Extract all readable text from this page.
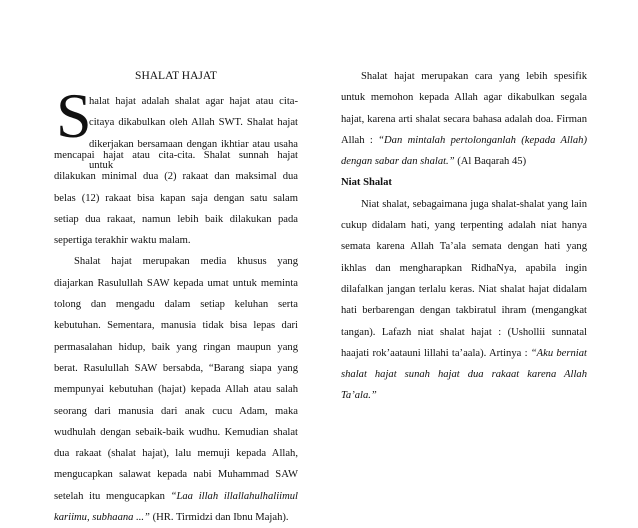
SHALAT HAJAT
S
halat hajat adalah shalat agar hajat atau cita-citaya dikabulkan oleh Allah SWT. Shalat hajat dikerjakan bersamaan dengan ikhtiar atau usaha untuk

mencapai hajat atau cita-cita. Shalat sunnah hajat dilakukan minimal dua (2) rakaat dan maksimal dua belas (12) rakaat bisa kapan saja dengan satu salam setiap dua rakaat, namun lebih baik dilakukan pada sepertiga terakhir waktu malam.

Shalat hajat merupakan media khusus yang diajarkan Rasulullah SAW kepada umat untuk meminta tolong dan mengadu dalam setiap keluhan serta kebutuhan. Sementara, manusia tidak bisa lepas dari permasalahan hidup, baik yang ringan maupun yang berat. Rasulullah SAW bersabda, “Barang siapa yang mempunyai kebutuhan (hajat) kepada Allah atau salah seorang dari manusia dari anak cucu Adam, maka wudhulah dengan sebaik-baik wudhu. Kemudian shalat dua rakaat (shalat hajat), lalu memuji kepada Allah, mengucapkan salawat kepada nabi Muhammad SAW setelah itu mengucapkan “Laa illah illallahulhaliimul kariimu, subhaana ...” (HR. Tirmidzi dan Ibnu Majah).

Shalat hajat merupakan cara yang lebih spesifik untuk memohon kepada Allah agar dikabulkan segala hajat, karena arti shalat secara bahasa adalah doa. Firman Allah : “Dan mintalah pertolonganlah (kepada Allah) dengan sabar dan shalat.” (Al Baqarah 45)

Niat Shalat

Niat shalat, sebagaimana juga shalat-shalat yang lain cukup didalam hati, yang terpenting adalah niat hanya semata karena Allah Ta’ala semata dengan hati yang ikhlas dan mengharapkan RidhaNya, apabila ingin dilafalkan jangan terlalu keras. Niat shalat hajat didalam hati berbarengan dengan takbiratul ihram (mengangkat tangan). Lafazh niat shalat hajat : (Ushollii sunnatal haajati rok’aatauni lillahi ta’aala). Artinya : “Aku berniat shalat hajat sunah hajat dua rakaat karena Allah Ta’ala.”
